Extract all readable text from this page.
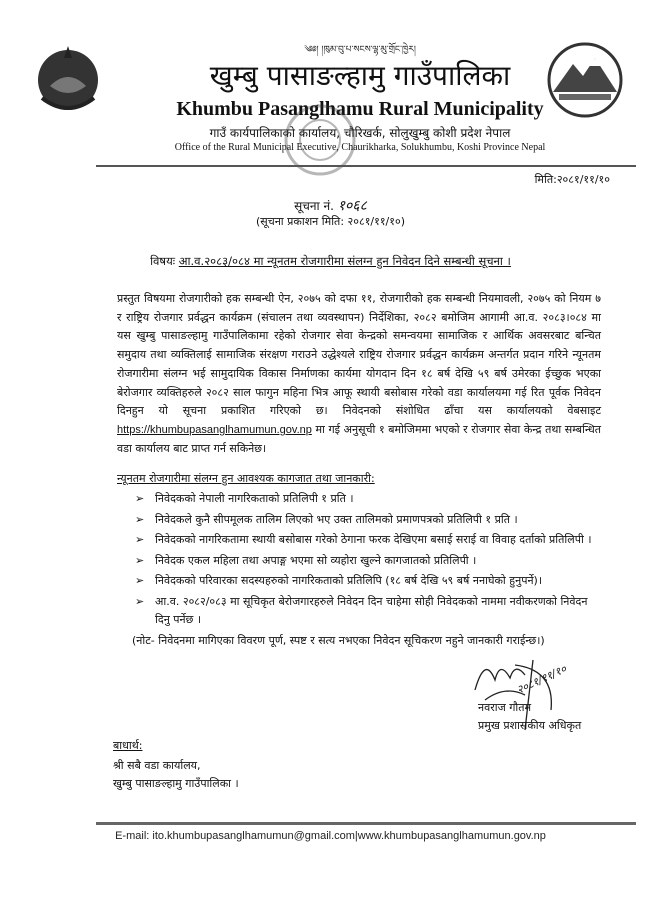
༄༅། །ཁུམ་བུ་པ་སངས་ལྷ་མུ་གྲོང་ཁྱེར།
खुम्बु पासाङल्हामु गाउँपालिका
Khumbu Pasanglhamu Rural Municipality
गाउँ कार्यपालिकाको कार्यालय, चौरिखर्क, सोलुखुम्बु कोशी प्रदेश नेपाल
Office of the Rural Municipal Executive, Chaurikharka, Solukhumbu, Koshi Province Nepal
मिति:२०८१/११/१०
सूचना नं. १०६८
(सूचना प्रकाशन मिति: २०८१/११/१०)
विषयः आ.व.२०८३/०८४ मा न्यूनतम रोजगारीमा संलग्न हुन निवेदन दिने सम्बन्धी सूचना ।
प्रस्तुत विषयमा रोजगारीको हक सम्बन्धी ऐन, २०७५ को दफा ११, रोजगारीको हक सम्बन्धी नियमावली, २०७५ को नियम ७ र राष्ट्रिय रोजगार प्रर्वद्धन कार्यक्रम (संचालन तथा व्यवस्थापन) निर्देशिका, २०८२ बमोजिम आगामी आ.व. २०८३।०८४ मा यस खुम्बु पासाङल्हामु गाउँपालिकामा रहेको रोजगार सेवा केन्द्रको समन्वयमा सामाजिक र आर्थिक अवसरबाट बन्चित समुदाय तथा व्यक्तिलाई सामाजिक संरक्षण गराउने उद्धेश्यले राष्ट्रिय रोजगार प्रर्वद्धन कार्यक्रम अन्तर्गत प्रदान गरिने न्यूनतम रोजगारीमा संलग्न भई सामुदायिक विकास निर्माणका कार्यमा योगदान दिन १८ बर्ष देखि ५९ बर्ष उमेरका ईच्छुक भएका बेरोजगार व्यक्तिहरुले २०८२ साल फागुन महिना भित्र आफू स्थायी बसोबास गरेको वडा कार्यालयमा गई रित पूर्वक निवेदन दिनहुन यो सूचना प्रकाशित गरिएको छ। निवेदनको संशोधित ढाँचा यस कार्यालयको वेबसाइट https://khumbupasanglhamumun.gov.np मा गई अनुसूची १ बमोजिममा भएको र रोजगार सेवा केन्द्र तथा सम्बन्धित वडा कार्यालय बाट प्राप्त गर्न सकिनेछ।
न्यूनतम रोजगारीमा संलग्न हुन आवश्यक कागजात तथा जानकारी:
➢ निवेदकको नेपाली नागरिकताको प्रतिलिपी १ प्रति ।
➢ निवेदकले कुनै सीपमूलक तालिम लिएको भए उक्त तालिमको प्रमाणपत्रको प्रतिलिपी १ प्रति ।
➢ निवेदकको नागरिकतामा स्थायी बसोबास गरेको ठेगाना फरक देखिएमा बसाई सराई वा विवाह दर्ताको प्रतिलिपी ।
➢ निवेदक एकल महिला तथा अपाङ्ग भएमा सो व्यहोरा खुल्ने कागजातको प्रतिलिपी ।
➢ निवेदकको परिवारका सदस्यहरुको नागरिकताको प्रतिलिपि (१८ बर्ष देखि ५९ बर्ष ननाघेको हुनुपर्ने)।
➢ आ.व. २०८२/०८३ मा सूचिकृत बेरोजगारहरुले निवेदन दिन चाहेमा सोही निवेदकको नाममा नवीकरणको निवेदन दिनु पर्नेछ ।
(नोट- निवेदनमा मागिएका विवरण पूर्ण, स्पष्ट र सत्य नभएका निवेदन सूचिकरण नहुने जानकारी गराईन्छ।)
२०८१/११/१०
नवराज गौतम
प्रमुख प्रशासकीय अधिकृत
बाधार्थ:
श्री सबै वडा कार्यालय,
खुम्बु पासाङल्हामु गाउँपालिका ।
E-mail: ito.khumbupasanglhamumun@gmail.com|www.khumbupasanglhamumun.gov.np
